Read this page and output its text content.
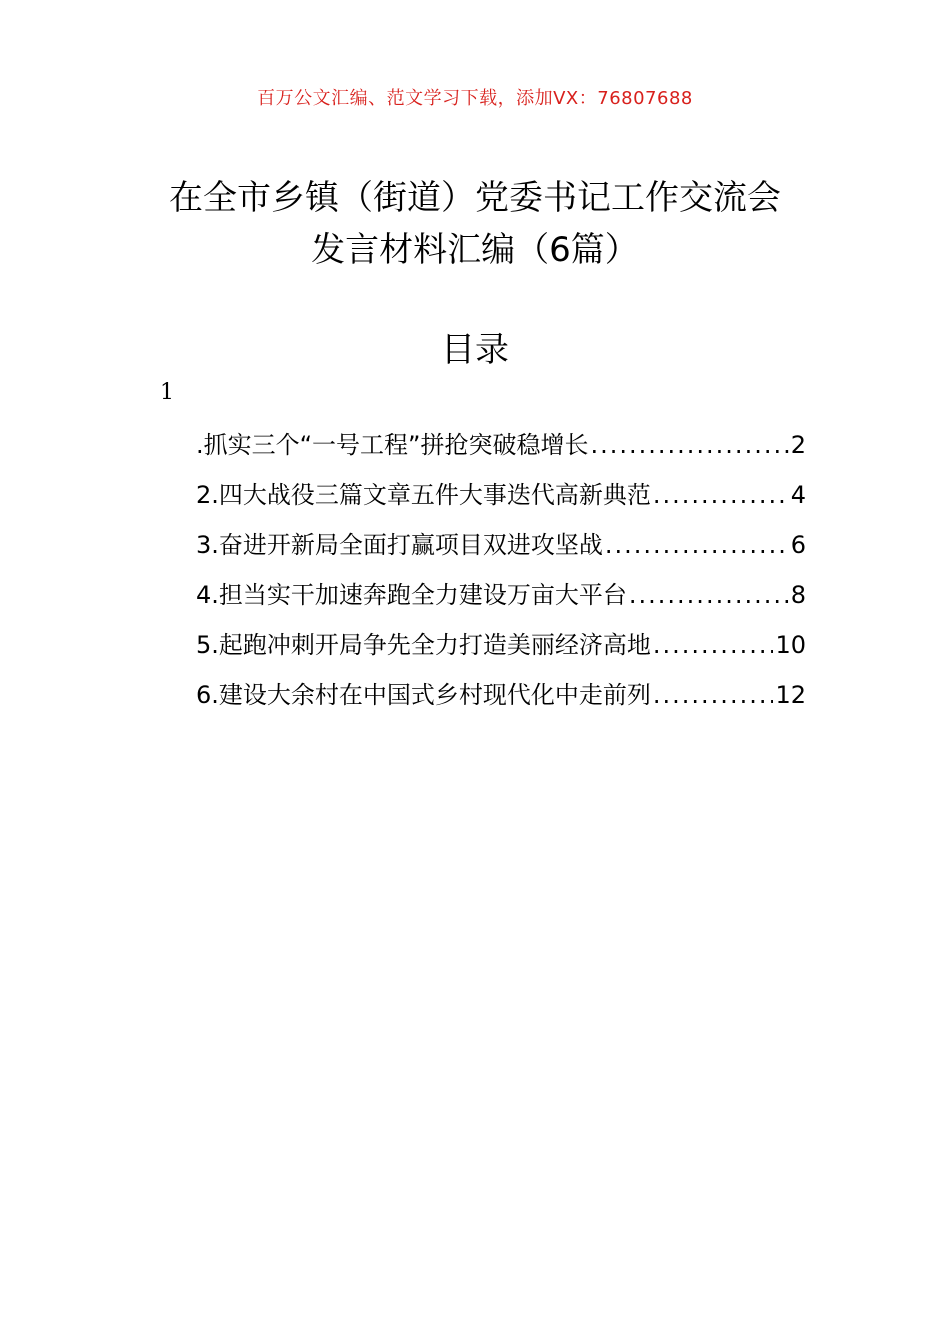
百万公文汇编、范文学习下载，添加VX：76807688
在全市乡镇（街道）党委书记工作交流会
发言材料汇编（6篇）
目录
1
.抓实三个“一号工程”拼抢突破稳增长 .....	2
2. 四大战役三篇文章五件大事迭代高新典范 .....	4
3. 奋进开新局全面打赢项目双进攻坚战 .....	6
4. 担当实干加速奔跑全力建设万亩大平台 .....	8
5. 起跑冲刺开局争先全力打造美丽经济高地 .....	10
6. 建设大余村在中国式乡村现代化中走前列 .....	12
